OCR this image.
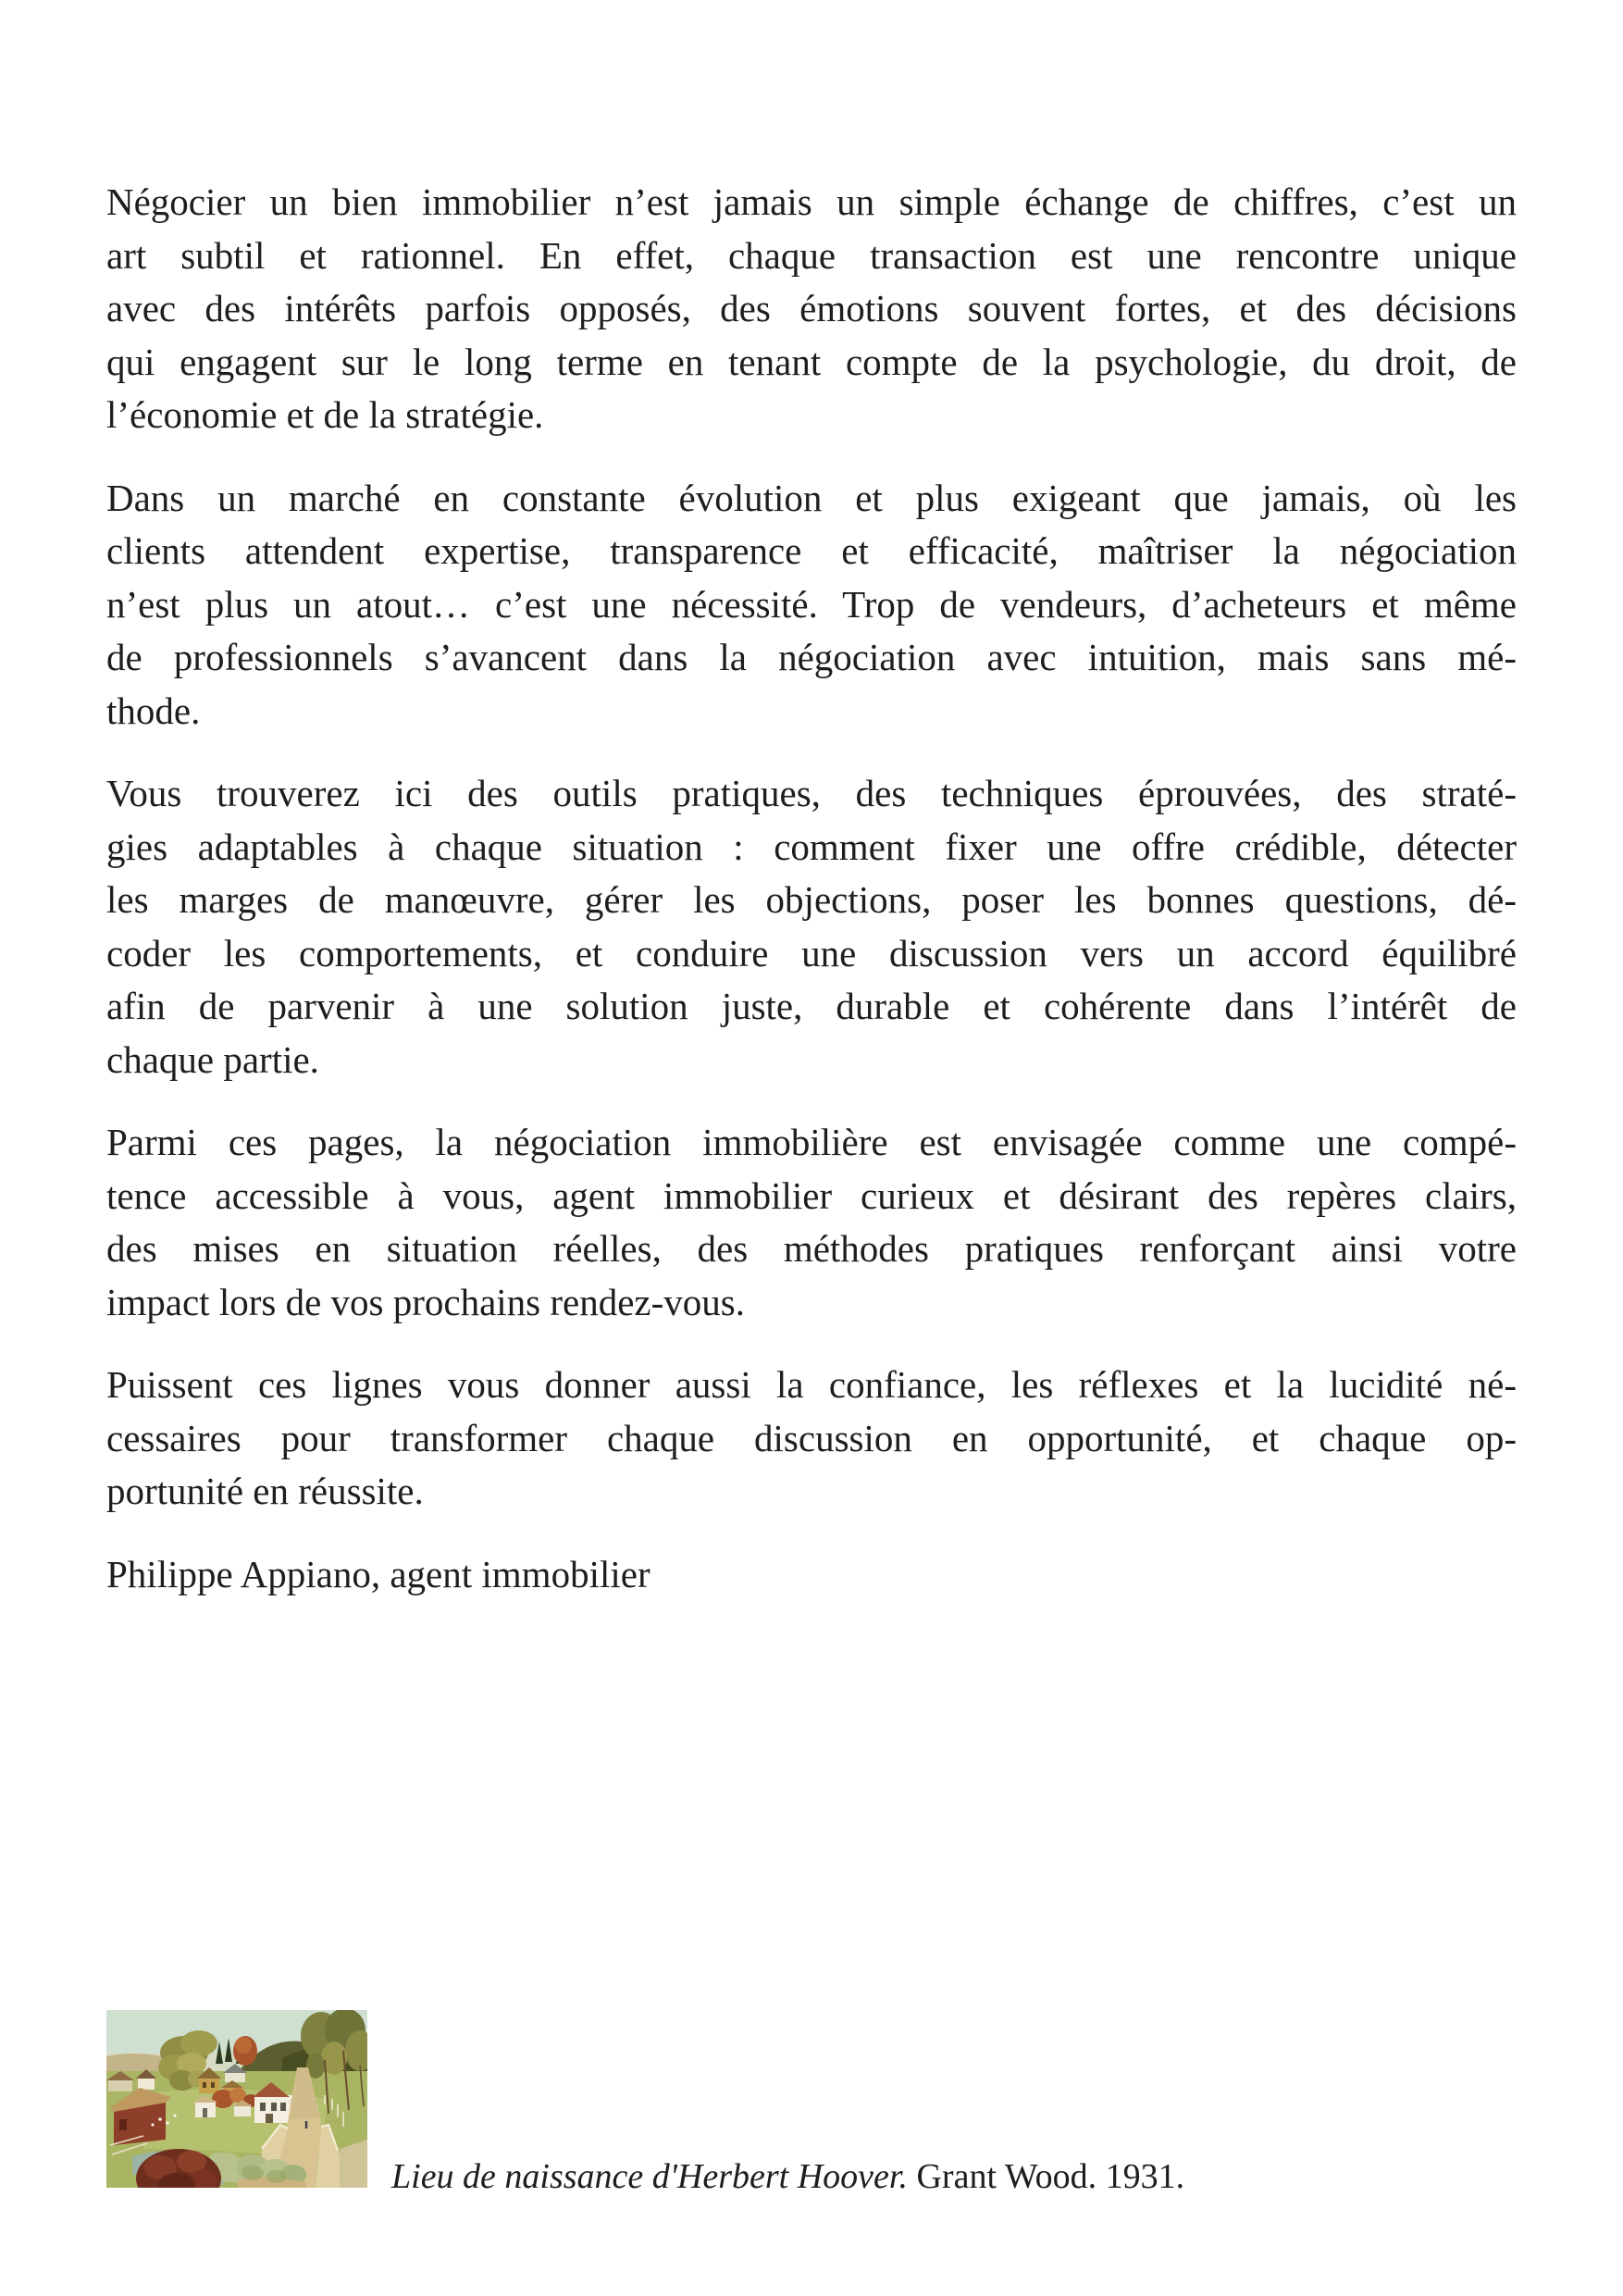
Négocier un bien immobilier n’est jamais un simple échange de chiffres, c’est un
art subtil et rationnel. En effet, chaque transaction est une rencontre unique
avec des intérêts parfois opposés, des émotions souvent fortes, et des décisions
qui engagent sur le long terme en tenant compte de la psychologie, du droit, de
l’économie et de la stratégie.

Dans un marché en constante évolution et plus exigeant que jamais, où les
clients attendent expertise, transparence et efficacité, maîtriser la négociation
n’est plus un atout… c’est une nécessité. Trop de vendeurs, d’acheteurs et même
de professionnels s’avancent dans la négociation avec intuition, mais sans mé-
thode.

Vous trouverez ici des outils pratiques, des techniques éprouvées, des straté-
gies adaptables à chaque situation : comment fixer une offre crédible, détecter
les marges de manœuvre, gérer les objections, poser les bonnes questions, dé-
coder les comportements, et conduire une discussion vers un accord équilibré
afin de parvenir à une solution juste, durable et cohérente dans l’intérêt de
chaque partie.

Parmi ces pages, la négociation immobilière est envisagée comme une compé-
tence accessible à vous, agent immobilier curieux et désirant des repères clairs,
des mises en situation réelles, des méthodes pratiques renforçant ainsi votre
impact lors de vos prochains rendez-vous.

Puissent ces lignes vous donner aussi la confiance, les réflexes et la lucidité né-
cessaires pour transformer chaque discussion en opportunité, et chaque op-
portunité en réussite.

Philippe Appiano, agent immobilier

Lieu de naissance d'Herbert Hoover. Grant Wood. 1931.
